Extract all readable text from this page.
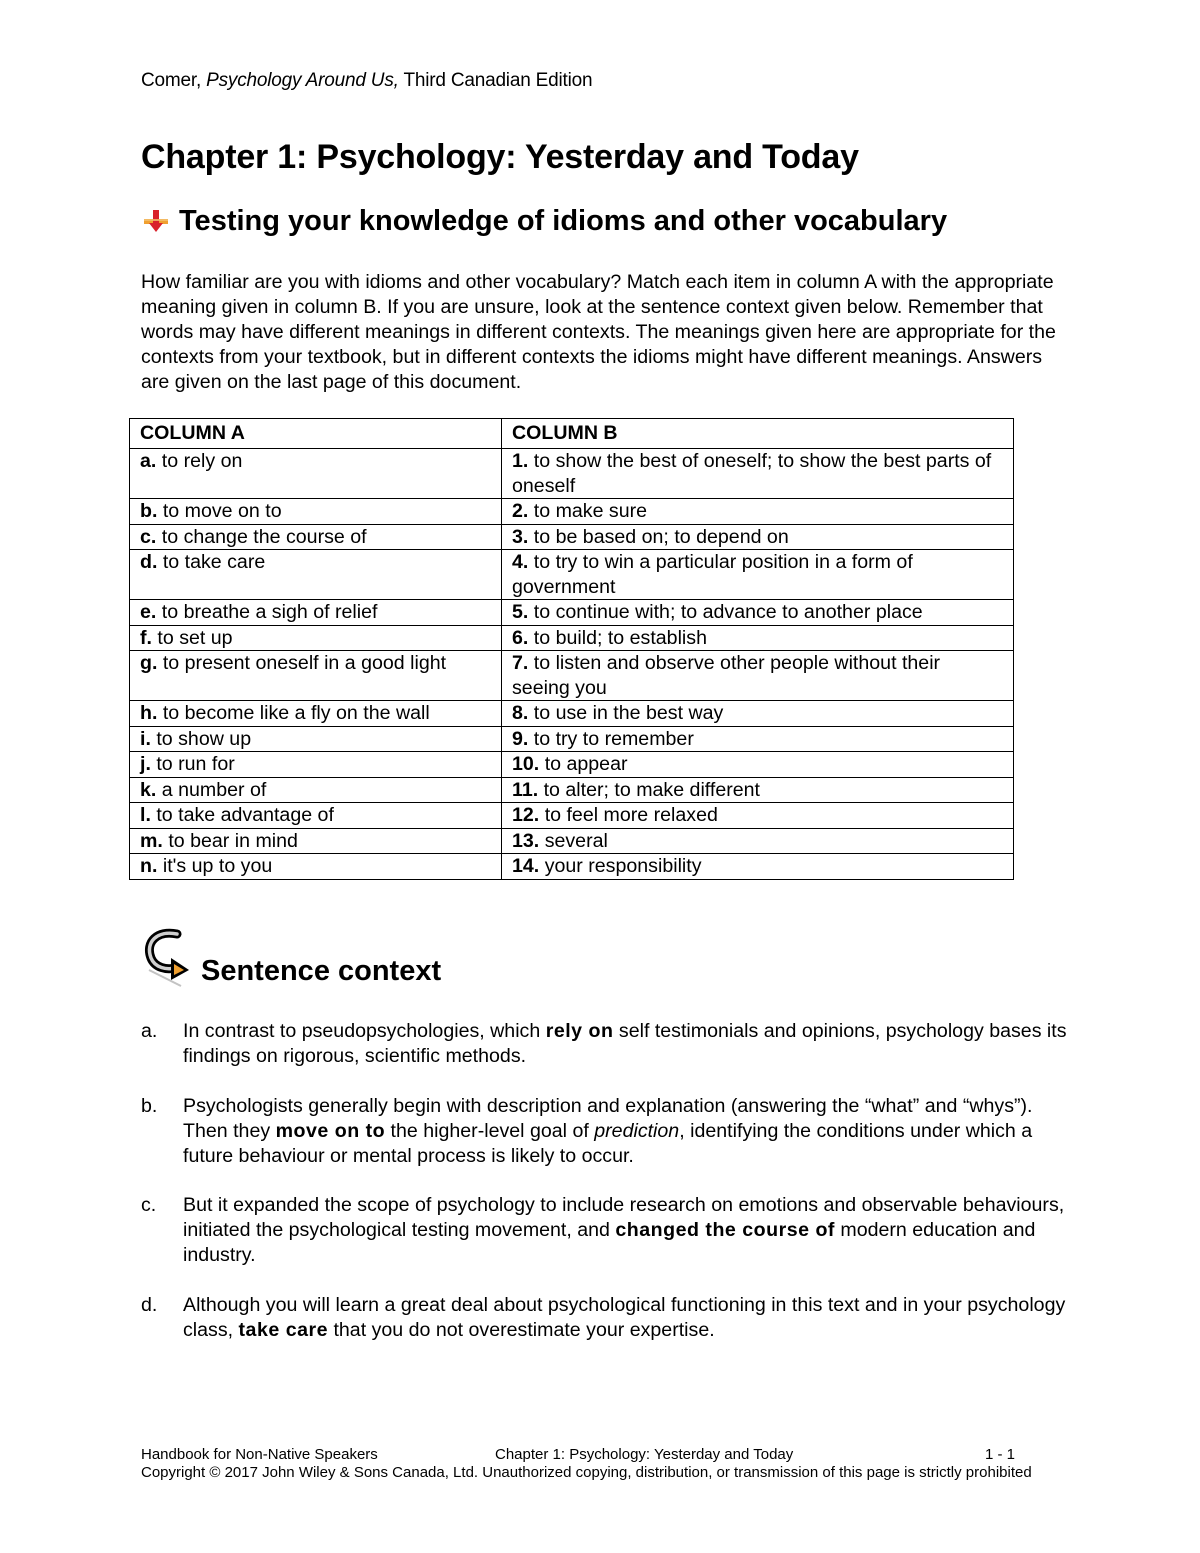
Comer, Psychology Around Us, Third Canadian Edition
Chapter 1: Psychology: Yesterday and Today
Testing your knowledge of idioms and other vocabulary

How familiar are you with idioms and other vocabulary? Match each item in column A with the appropriate meaning given in column B. If you are unsure, look at the sentence context given below. Remember that words may have different meanings in different contexts. The meanings given here are appropriate for the contexts from your textbook, but in different contexts the idioms might have different meanings. Answers are given on the last page of this document.

COLUMN A	COLUMN B
a. to rely on	1. to show the best of oneself; to show the best parts of oneself
b. to move on to	2. to make sure
c. to change the course of	3. to be based on; to depend on
d. to take care	4. to try to win a particular position in a form of government
e. to breathe a sigh of relief	5. to continue with; to advance to another place
f. to set up	6. to build; to establish
g. to present oneself in a good light	7. to listen and observe other people without their seeing you
h. to become like a fly on the wall	8. to use in the best way
i. to show up	9. to try to remember
j. to run for	10. to appear
k. a number of	11. to alter; to make different
l. to take advantage of	12. to feel more relaxed
m. to bear in mind	13. several
n. it's up to you	14. your responsibility
Sentence context
a.	In contrast to pseudopsychologies, which rely on self testimonials and opinions, psychology bases its findings on rigorous, scientific methods.
b.	Psychologists generally begin with description and explanation (answering the “what” and “whys”). Then they move on to the higher-level goal of prediction, identifying the conditions under which a future behaviour or mental process is likely to occur.
c.	But it expanded the scope of psychology to include research on emotions and observable behaviours, initiated the psychological testing movement, and changed the course of modern education and industry.
d.	Although you will learn a great deal about psychological functioning in this text and in your psychology class, take care that you do not overestimate your expertise.
Handbook for Non-Native Speakers	Chapter 1: Psychology: Yesterday and Today	1 - 1
Copyright © 2017 John Wiley & Sons Canada, Ltd. Unauthorized copying, distribution, or transmission of this page is strictly prohibited
